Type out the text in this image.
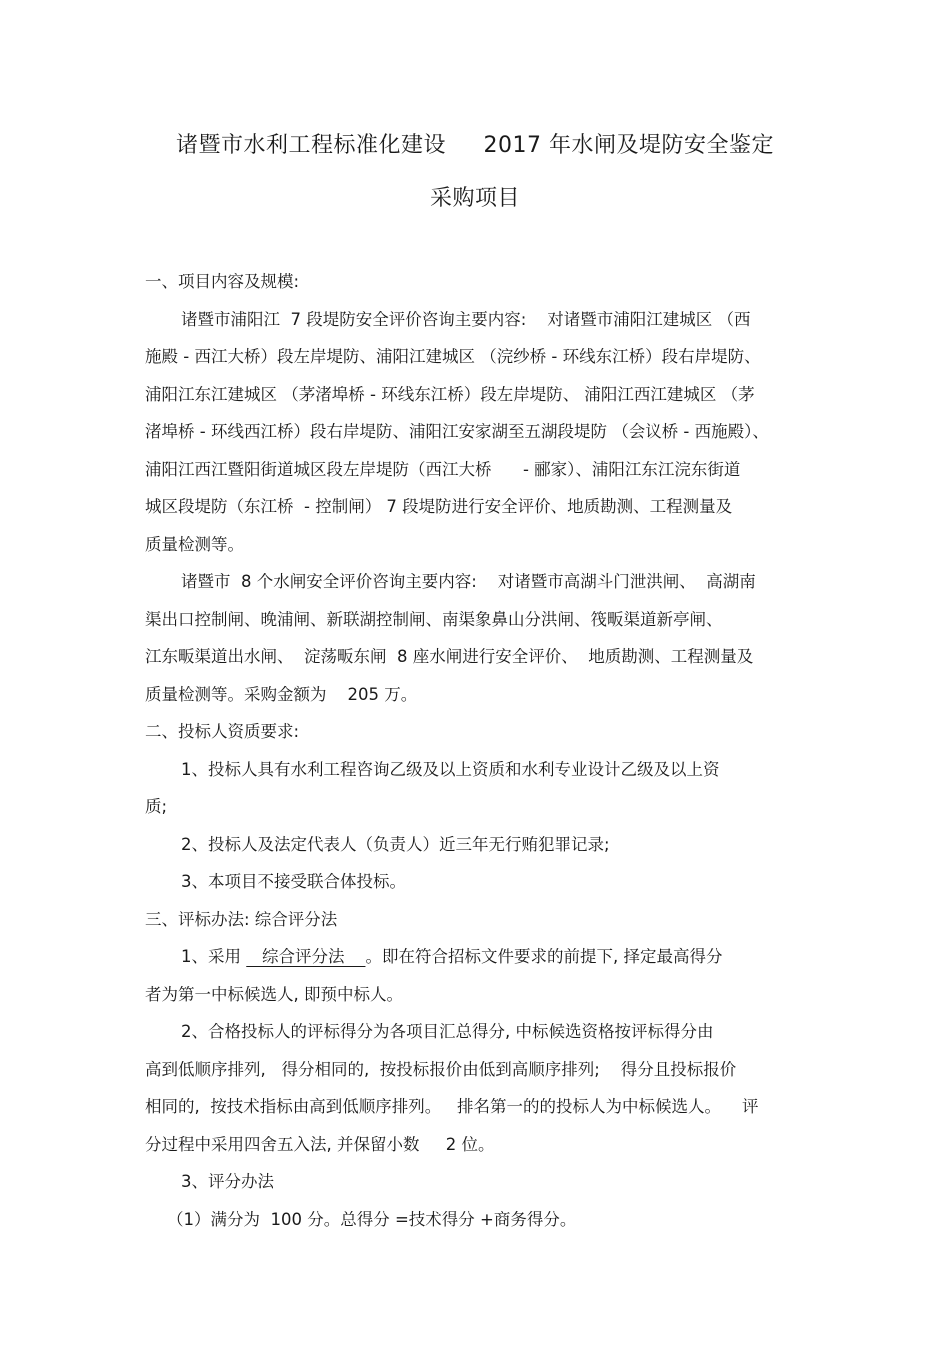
诸暨市水利工程标准化建设     2017 年水闸及堤防安全鉴定
采购项目
一、项目内容及规模:
诸暨市浦阳江  7 段堤防安全评价咨询主要内容:    对诸暨市浦阳江建城区 （西
施殿 - 西江大桥）段左岸堤防、浦阳江建城区 （浣纱桥 - 环线东江桥）段右岸堤防、
浦阳江东江建城区 （茅渚埠桥 - 环线东江桥）段左岸堤防、 浦阳江西江建城区 （茅
渚埠桥 - 环线西江桥）段右岸堤防、浦阳江安家湖至五湖段堤防 （会议桥 - 西施殿）、
浦阳江西江暨阳街道城区段左岸堤防（西江大桥      - 郦家）、浦阳江东江浣东街道
城区段堤防（东江桥  - 控制闸） 7 段堤防进行安全评价、地质勘测、工程测量及
质量检测等。
诸暨市  8 个水闸安全评价咨询主要内容:    对诸暨市高湖斗门泄洪闸、  高湖南
渠出口控制闸、晚浦闸、新联湖控制闸、南渠象鼻山分洪闸、筏畈渠道新亭闸、
江东畈渠道出水闸、  淀荡畈东闸  8 座水闸进行安全评价、  地质勘测、工程测量及
质量检测等。采购金额为    205 万。
二、投标人资质要求:
1、投标人具有水利工程咨询乙级及以上资质和水利专业设计乙级及以上资
质;
2、投标人及法定代表人（负责人）近三年无行贿犯罪记录;
3、本项目不接受联合体投标。
三、评标办法: 综合评分法
1、采用    综合评分法    。即在符合招标文件要求的前提下, 择定最高得分
者为第一中标候选人, 即预中标人。
2、合格投标人的评标得分为各项目汇总得分, 中标候选资格按评标得分由
高到低顺序排列,   得分相同的,  按投标报价由低到高顺序排列;    得分且投标报价
相同的,  按技术指标由高到低顺序排列。   排名第一的的投标人为中标候选人。    评
分过程中采用四舍五入法, 并保留小数     2 位。
3、评分办法
（1）满分为  100 分。总得分 =技术得分 +商务得分。
